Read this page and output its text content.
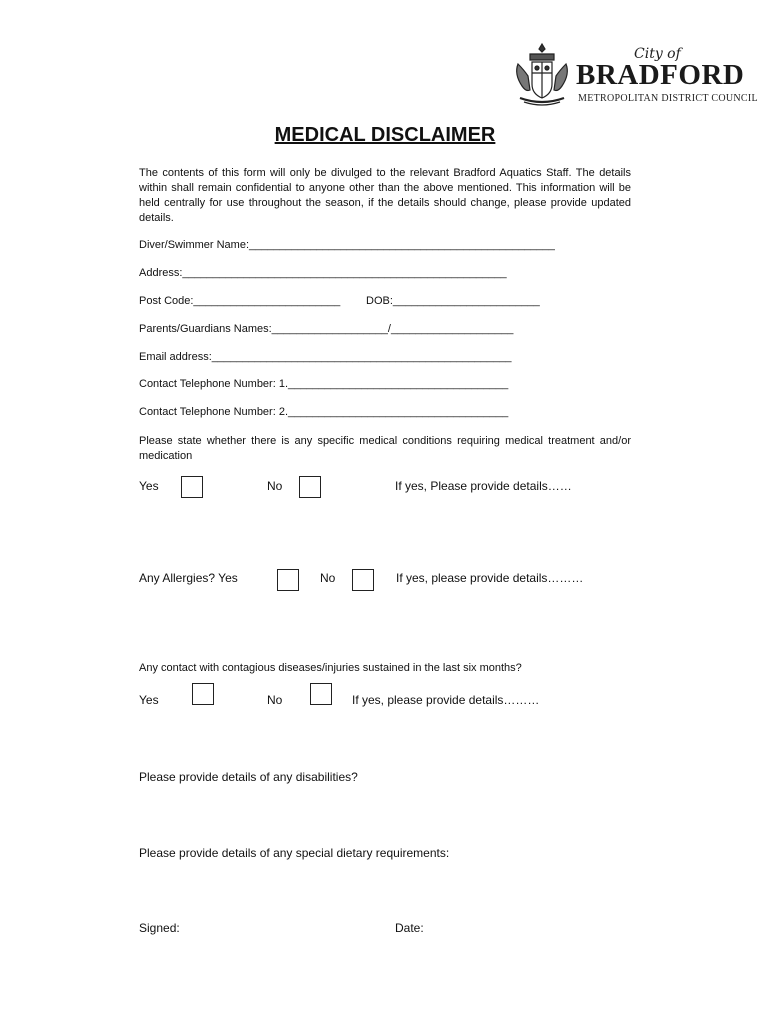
City of
BRADFORD
METROPOLITAN DISTRICT COUNCIL
MEDICAL DISCLAIMER
The contents of this form will only be divulged to the relevant Bradford Aquatics Staff. The details within shall remain confidential to anyone other than the above mentioned. This information will be held centrally for use throughout the season, if the details should change, please provide updated details.
Diver/Swimmer Name:__________________________________________________
Address:_____________________________________________________
Post Code:________________________ DOB:________________________
Parents/Guardians Names:___________________/____________________
Email address:_________________________________________________
Contact Telephone Number: 1.____________________________________
Contact Telephone Number: 2.____________________________________
Please state whether there is any specific medical conditions requiring medical treatment and/or medication
Yes	No	If yes, Please provide details……
Any Allergies? Yes	No	If yes, please provide details………
Any contact with contagious diseases/injuries sustained in the last six months?
Yes	No	If yes, please provide details………
Please provide details of any disabilities?
Please provide details of any special dietary requirements:
Signed:	Date:
